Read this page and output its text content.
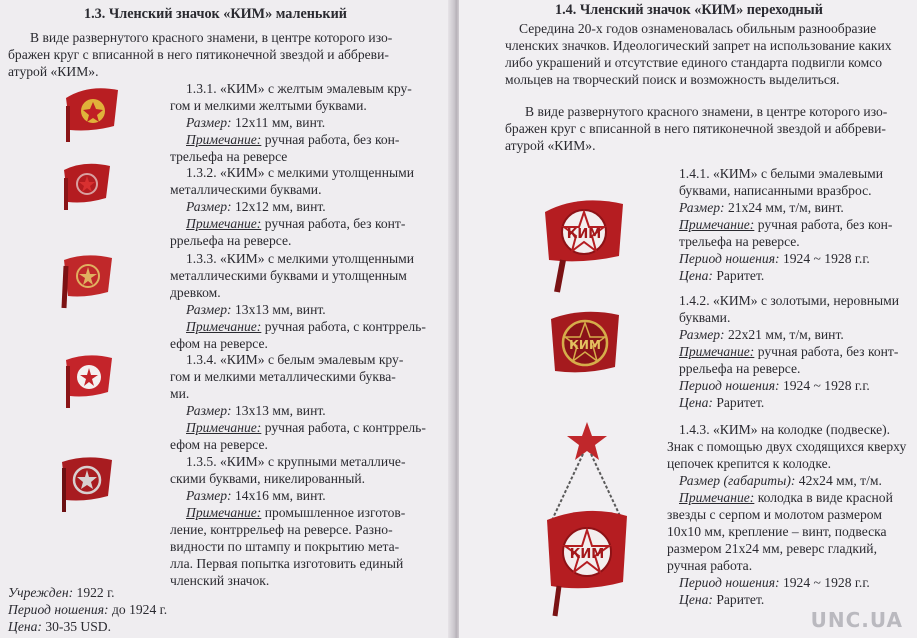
1.3. Членский значок «КИМ» маленький
В виде развернутого красного знамени, в центре которого изо-
бражен круг с вписанной в него пятиконечной звездой и аббреви-
атурой «КИМ».
1.3.1. «КИМ» с желтым эмалевым кру-
гом и мелкими желтыми буквами.
Размер: 12х11 мм, винт.
Примечание: ручная работа, без кон-
трельефа на реверсе
1.3.2. «КИМ» с мелкими утолщенными
металлическими буквами.
Размер: 12х12 мм, винт.
Примечание: ручная работа, без конт-
ррельефа на реверсе.
1.3.3. «КИМ» с мелкими утолщенными
металлическими буквами и утолщенным
древком.
Размер: 13х13 мм, винт.
Примечание: ручная работа, с контррель-
ефом на реверсе.
1.3.4. «КИМ» с белым эмалевым кру-
гом и мелкими металлическими буква-
ми.
Размер: 13х13 мм, винт.
Примечание: ручная работа, с контррель-
ефом на реверсе.
1.3.5. «КИМ» с крупными металличе-
скими буквами, никелированный.
Размер: 14х16 мм, винт.
Примечание: промышленное изготов-
ление, контррельеф на реверсе. Разно-
видности по штампу и покрытию мета-
лла. Первая попытка изготовить единый
членский значок.
Учрежден: 1922 г.
Период ношения: до 1924 г.
Цена: 30-35 USD.
1.4. Членский значок «КИМ» переходный
Середина 20-х годов ознаменовалась обильным разнообразие
членских значков. Идеологический запрет на использование каких
либо украшений и отсутствие единого стандарта подвигли комсо
мольцев на творческий поиск и возможность выделиться.
В виде развернутого красного знамени, в центре которого изо-
бражен круг с вписанной в него пятиконечной звездой и аббреви-
атурой «КИМ».
КИМ
КИМ
КИМ
1.4.1. «КИМ» с белыми эмалевыми
буквами, написанными вразброс.
Размер: 21х24 мм, т/м, винт.
Примечание: ручная работа, без кон-
трельефа на реверсе.
Период ношения: 1924 ~ 1928 г.г.
Цена: Раритет.
1.4.2. «КИМ» с золотыми, неровными
буквами.
Размер: 22х21 мм, т/м, винт.
Примечание: ручная работа, без конт-
ррельефа на реверсе.
Период ношения: 1924 ~ 1928 г.г.
Цена: Раритет.
1.4.3. «КИМ» на колодке (подвеске).
Знак с помощью двух сходящихся кверху
цепочек крепится к колодке.
Размер (габариты): 42х24 мм, т/м.
Примечание: колодка в виде красной
звезды с серпом и молотом размером
10х10 мм, крепление – винт, подвеска
размером 21х24 мм, реверс гладкий,
ручная работа.
Период ношения: 1924 ~ 1928 г.г.
Цена: Раритет.
UNC.UA
